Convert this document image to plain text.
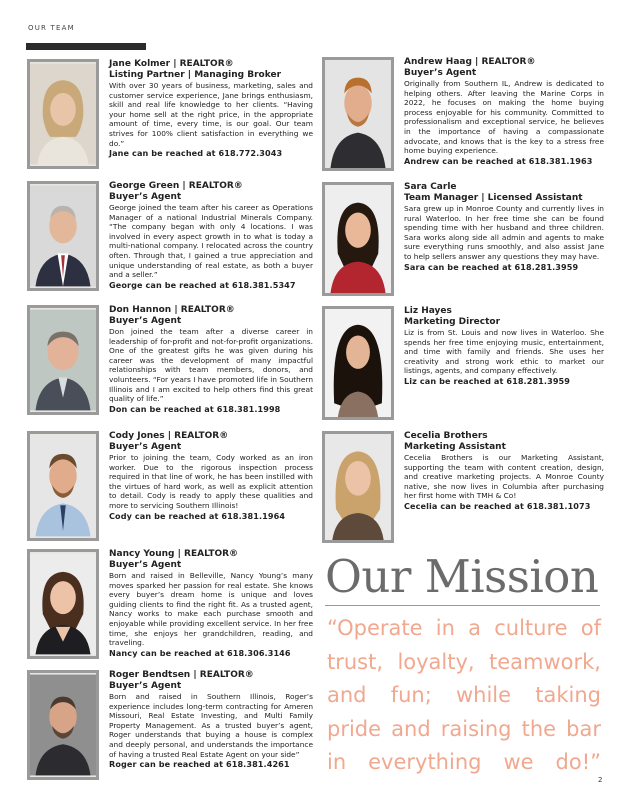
OUR TEAM
Jane Kolmer | REALTOR®
Listing Partner | Managing Broker
With over 30 years of business, marketing, sales and customer service experience, Jane brings enthusiasm, skill and real life knowledge to her clients. “Having your home sell at the right price, in the appropriate amount of time, every time, is our goal. Our team strives for 100% client satisfaction in everything we do.”
Jane can be reached at 618.772.3043
George Green | REALTOR®
Buyer’s Agent
George joined the team after his career as Operations Manager of a national Industrial Minerals Company. “The company began with only 4 locations. I was involved in every aspect growth in to what is today a multi-national company. I relocated across the country often. Through that, I gained a true appreciation and unique understanding of real estate, as both a buyer and a seller.”
George can be reached at 618.381.5347
Don Hannon | REALTOR®
Buyer’s Agent
Don joined the team after a diverse career in leadership of for-profit and not-for-profit organizations. One of the greatest gifts he was given during his career was the development of many impactful relationships with team members, donors, and volunteers. “For years I have promoted life in Southern Illinois and I am excited to help others find this great quality of life.”
Don can be reached at 618.381.1998
Cody Jones | REALTOR®
Buyer’s Agent
Prior to joining the team, Cody worked as an iron worker. Due to the rigorous inspection process required in that line of work, he has been instilled with the virtues of hard work, as well as explicit attention to detail. Cody is ready to apply these qualities and more to servicing Southern Illinois!
Cody can be reached at 618.381.1964
Nancy Young | REALTOR®
Buyer’s Agent
Born and raised in Belleville, Nancy Young’s many moves sparked her passion for real estate. She knows every buyer’s dream home is unique and loves guiding clients to find the right fit. As a trusted agent, Nancy works to make each purchase smooth and enjoyable while providing excellent service. In her free time, she enjoys her grandchildren, reading, and traveling.
Nancy can be reached at 618.306.3146
Roger Bendtsen | REALTOR®
Buyer’s Agent
Born and raised in Southern Illinois, Roger’s experience includes long-term contracting for Ameren Missouri, Real Estate Investing, and Multi Family Property Management. As a trusted buyer’s agent, Roger understands that buying a house is complex and deeply personal, and understands the importance of having a trusted Real Estate Agent on your side”
Roger can be reached at 618.381.4261
Andrew Haag | REALTOR®
Buyer’s Agent
Originally from Southern IL, Andrew is dedicated to helping others. After leaving the Marine Corps in 2022, he focuses on making the home buying process enjoyable for his community. Committed to professionalism and exceptional service, he believes in the importance of having a compassionate advocate, and knows that is the key to a stress free home buying experience.
Andrew can be reached at 618.381.1963
Sara Carle
Team Manager | Licensed Assistant
Sara grew up in Monroe County and currently lives in rural Waterloo. In her free time she can be found spending time with her husband and three children. Sara works along side all admin and agents to make sure everything runs smoothly, and also assist Jane to help sellers answer any questions they may have.
Sara can be reached at 618.281.3959
Liz Hayes
Marketing Director
Liz is from St. Louis and now lives in Waterloo. She spends her free time enjoying music, entertainment, and time with family and friends. She uses her creativity and strong work ethic to market our listings, agents, and company effectively.
Liz can be reached at 618.281.3959
Cecelia Brothers
Marketing Assistant
Cecelia Brothers is our Marketing Assistant, supporting the team with content creation, design, and creative marketing projects. A Monroe County native, she now lives in Columbia after purchasing her first home with TMH & Co!
Cecelia can be reached at 618.381.1073
Our Mission
“Operate in a culture of trust, loyalty, teamwork, and fun; while taking pride and raising the bar in everything we do!”
2
